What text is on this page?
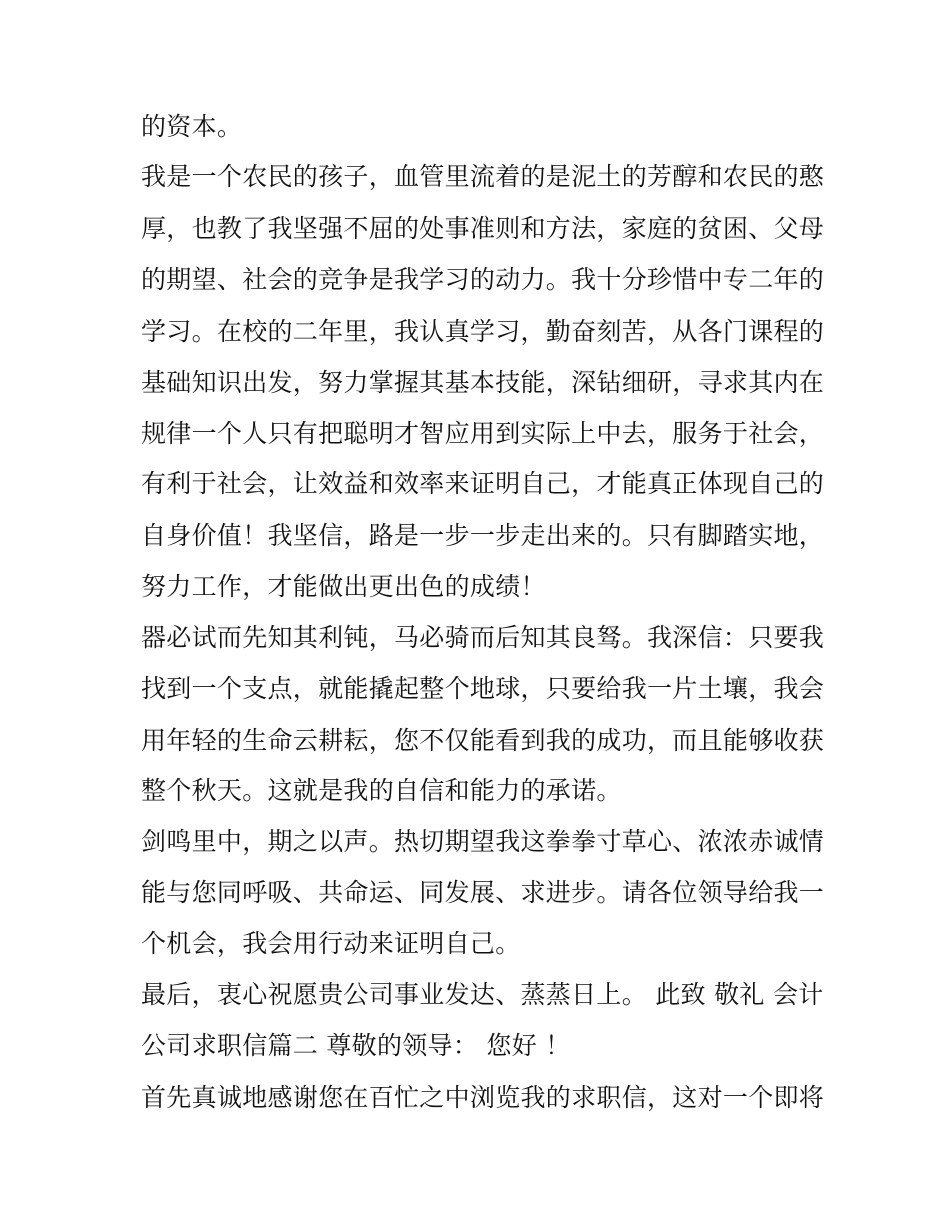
的资本。
我是一个农民的孩子，血管里流着的是泥土的芳醇和农民的憨
厚，也教了我坚强不屈的处事准则和方法，家庭的贫困、父母
的期望、社会的竞争是我学习的动力。我十分珍惜中专二年的
学习。在校的二年里，我认真学习，勤奋刻苦，从各门课程的
基础知识出发，努力掌握其基本技能，深钻细研，寻求其内在
规律一个人只有把聪明才智应用到实际上中去，服务于社会，
有利于社会，让效益和效率来证明自己，才能真正体现自己的
自身价值！我坚信，路是一步一步走出来的。只有脚踏实地，
努力工作，才能做出更出色的成绩！
器必试而先知其利钝，马必骑而后知其良驽。我深信：只要我
找到一个支点，就能撬起整个地球，只要给我一片土壤，我会
用年轻的生命云耕耘，您不仅能看到我的成功，而且能够收获
整个秋天。这就是我的自信和能力的承诺。
剑鸣里中，期之以声。热切期望我这拳拳寸草心、浓浓赤诚情
能与您同呼吸、共命运、同发展、求进步。请各位领导给我一
个机会，我会用行动来证明自己。
最后，衷心祝愿贵公司事业发达、蒸蒸日上。 此致 敬礼 会计
公司求职信篇二 尊敬的领导： 您好 ！
首先真诚地感谢您在百忙之中浏览我的求职信，这对一个即将
